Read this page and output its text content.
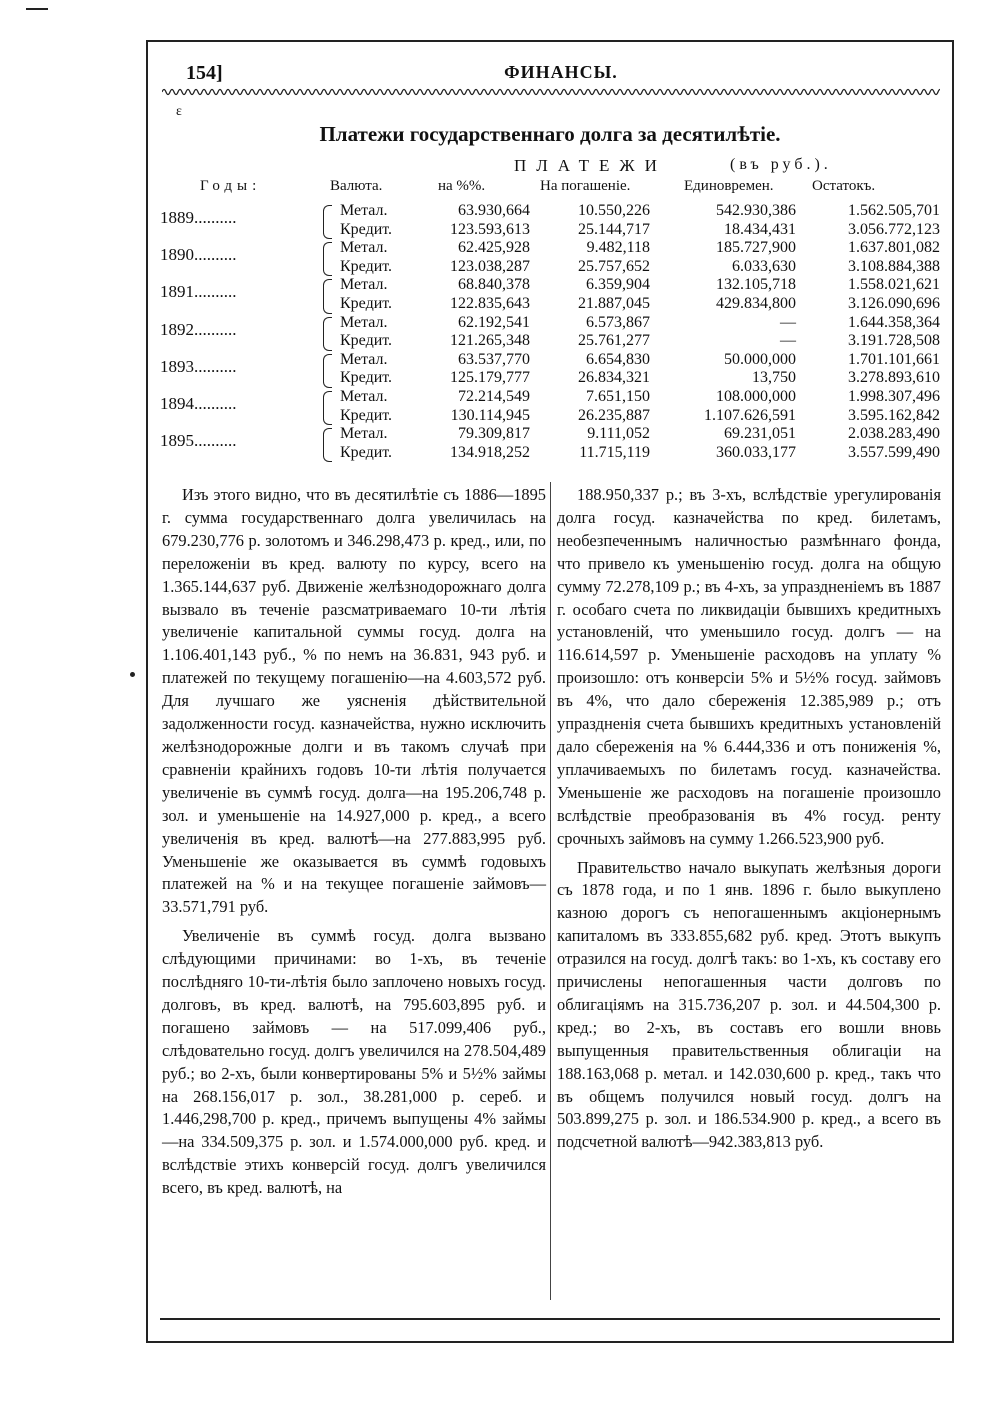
154]	ФИНАНСЫ.
Платежи государственнаго долга за десятилѣтіе.
ПЛАТЕЖИ	(въ руб.).
Годы:	Валюта.	на %%.	На погашеніе.	Единовремен.	Остатокъ.
1889..........	Метал.	63.930,664	10.550,226	542.930,386	1.562.505,701
Кредит.	123.593,613	25.144,717	18.434,431	3.056.772,123
1890..........	Метал.	62.425,928	9.482,118	185.727,900	1.637.801,082
Кредит.	123.038,287	25.757,652	6.033,630	3.108.884,388
1891..........	Метал.	68.840,378	6.359,904	132.105,718	1.558.021,621
Кредит.	122.835,643	21.887,045	429.834,800	3.126.090,696
1892..........	Метал.	62.192,541	6.573,867	—	1.644.358,364
Кредит.	121.265,348	25.761,277	—	3.191.728,508
1893..........	Метал.	63.537,770	6.654,830	50.000,000	1.701.101,661
Кредит.	125.179,777	26.834,321	13,750	3.278.893,610
1894..........	Метал.	72.214,549	7.651,150	108.000,000	1.998.307,496
Кредит.	130.114,945	26.235,887	1.107.626,591	3.595.162,842
1895..........	Метал.	79.309,817	9.111,052	69.231,051	2.038.283,490
Кредит.	134.918,252	11.715,119	360.033,177	3.557.599,490
ɛ

Изъ этого видно, что въ десятилѣтіе съ 1886—1895 г. сумма государственнаго долга увеличилась на 679.230,776 р. золотомъ и 346.298,473 р. кред., или, по переложеніи въ кред. валюту по курсу, всего на 1.365.144,637 руб. Движеніе желѣзнодорожнаго долга вызвало въ теченіе разсматриваемаго 10-ти лѣтія увеличеніе капитальной суммы госуд. долга на 1.106.401,143 руб., % по немъ на 36.831, 943 руб. и платежей по текущему погашенію—на 4.603,572 руб. Для лучшаго же уясненія дѣйствительной задолженности госуд. казначейства, нужно исключить желѣзнодорожные долги и въ такомъ случаѣ при сравненіи крайнихъ годовъ 10-ти лѣтія получается увеличеніе въ суммѣ госуд. долга—на 195.206,748 р. зол. и уменьшеніе на 14.927,000 р. кред., а всего увеличенія въ кред. валютѣ—на 277.883,995 руб. Уменьшеніе же оказывается въ суммѣ годовыхъ платежей на % и на текущее погашеніе займовъ—33.571,791 руб.

Увеличеніе въ суммѣ госуд. долга вызвано слѣдующими причинами: во 1-хъ, въ теченіе послѣдняго 10-ти-лѣтія было заплочено новыхъ госуд. долговъ, въ кред. валютѣ, на 795.603,895 руб. и погашено займовъ — на 517.099,406 руб., слѣдовательно госуд. долгъ увеличился на 278.504,489 руб.; во 2-хъ, были конвертированы 5% и 5½% займы на 268.156,017 р. зол., 38.281,000 р. сереб. и 1.446,298,700 р. кред., причемъ выпущены 4% займы—на 334.509,375 р. зол. и 1.574.000,000 руб. кред. и вслѣдствіе этихъ конверсій госуд. долгъ увеличился всего, въ кред. валютѣ, на

188.950,337 р.; въ 3-хъ, вслѣдствіе урегулированія долга госуд. казначейства по кред. билетамъ, необезпеченнымъ наличностью размѣннаго фонда, что привело къ уменьшенію госуд. долга на общую сумму 72.278,109 р.; въ 4-хъ, за упраздненіемъ въ 1887 г. особаго счета по ликвидаціи бывшихъ кредитныхъ установленій, что уменьшило госуд. долгъ — на 116.614,597 р. Уменьшеніе расходовъ на уплату % произошло: отъ конверсіи 5% и 5½% госуд. займовъ въ 4%, что дало сбереженія 12.385,989 р.; отъ упраздненія счета бывшихъ кредитныхъ установленій дало сбереженія на % 6.444,336 и отъ пониженія %, уплачиваемыхъ по билетамъ госуд. казначейства. Уменьшеніе же расходовъ на погашеніе произошло вслѣдствіе преобразованія въ 4% госуд. ренту срочныхъ займовъ на сумму 1.266.523,900 руб.

Правительство начало выкупать желѣзныя дороги съ 1878 года, и по 1 янв. 1896 г. было выкуплено казною дорогъ съ непогашеннымъ акціонернымъ капиталомъ въ 333.855,682 руб. кред. Этотъ выкупъ отразился на госуд. долгѣ такъ: во 1-хъ, къ составу его причислены непогашенныя части долговъ по облигаціямъ на 315.736,207 р. зол. и 44.504,300 р. кред.; во 2-хъ, въ составъ его вошли вновь выпущенныя правительственныя облигаціи на 188.163,068 р. метал. и 142.030,600 р. кред., такъ что въ общемъ получился новый госуд. долгъ на 503.899,275 р. зол. и 186.534.900 р. кред., а всего въ подсчетной валютѣ—942.383,813 руб.
